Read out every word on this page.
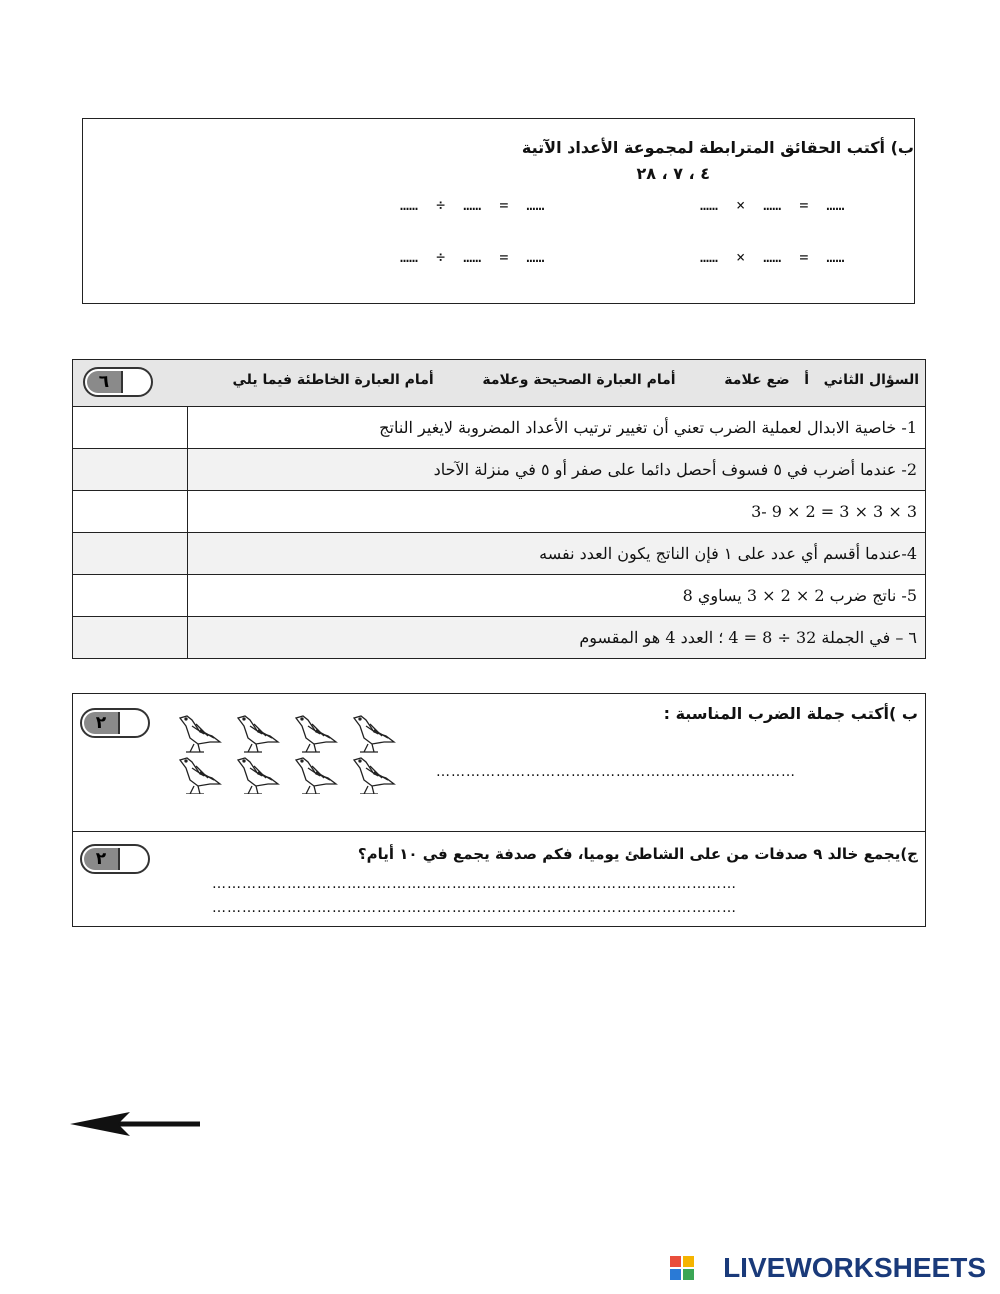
ب) أكتب الحقائق المترابطة لمجموعة الأعداد الآتية
٤ ، ٧ ، ٢٨
……  ×  ……  =  ……
……  ÷  ……  =  ……
……  ×  ……  =  ……
……  ÷  ……  =  ……
السؤال الثاني   أ   ضع علامة          أمام العبارة الصحيحة وعلامة          أمام العبارة الخاطئة فيما يلي
٦
1- خاصية الابدال لعملية الضرب تعني أن تغيير ترتيب الأعداد المضروبة لايغير الناتج
2- عندما أضرب في ٥ فسوف أحصل دائما على صفر أو ٥ في منزلة الآحاد
3- 9 × 2 = 3 × 3 × 3
4-عندما أقسم أي عدد على ١ فإن الناتج يكون العدد نفسه
5- ناتج ضرب 2 × 2 × 3 يساوي 8
٦ – في الجملة 32 ÷ 8 = 4 ؛ العدد 4 هو المقسوم
ب )أكتب جملة الضرب المناسبة :
٢
………………………………………………………………
ج)يجمع خالد ٩ صدفات من على الشاطئ يوميا، فكم صدفة يجمع في ١٠ أيام؟
٢
……………………………………………………………………………………………
……………………………………………………………………………………………
LIVEWORKSHEETS
